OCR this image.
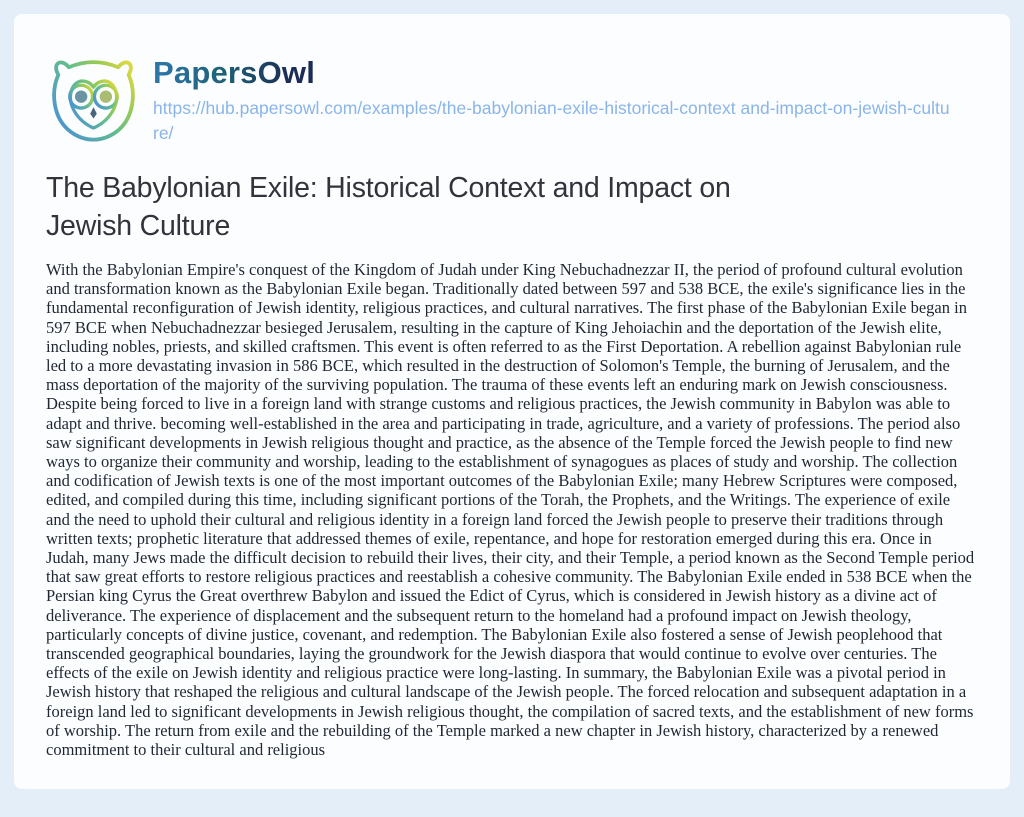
PapersOwl
https://hub.papersowl.com/examples/the-babylonian-exile-historical-context and-impact-on-jewish-culture/
The Babylonian Exile: Historical Context and Impact on Jewish Culture

With the Babylonian Empire's conquest of the Kingdom of Judah under King Nebuchadnezzar II, the period of profound cultural evolution and transformation known as the Babylonian Exile began. Traditionally dated between 597 and 538 BCE, the exile's significance lies in the fundamental reconfiguration of Jewish identity, religious practices, and cultural narratives. The first phase of the Babylonian Exile began in 597 BCE when Nebuchadnezzar besieged Jerusalem, resulting in the capture of King Jehoiachin and the deportation of the Jewish elite, including nobles, priests, and skilled craftsmen. This event is often referred to as the First Deportation. A rebellion against Babylonian rule led to a more devastating invasion in 586 BCE, which resulted in the destruction of Solomon's Temple, the burning of Jerusalem, and the mass deportation of the majority of the surviving population. The trauma of these events left an enduring mark on Jewish consciousness. Despite being forced to live in a foreign land with strange customs and religious practices, the Jewish community in Babylon was able to adapt and thrive. becoming well-established in the area and participating in trade, agriculture, and a variety of professions. The period also saw significant developments in Jewish religious thought and practice, as the absence of the Temple forced the Jewish people to find new ways to organize their community and worship, leading to the establishment of synagogues as places of study and worship. The collection and codification of Jewish texts is one of the most important outcomes of the Babylonian Exile; many Hebrew Scriptures were composed, edited, and compiled during this time, including significant portions of the Torah, the Prophets, and the Writings. The experience of exile and the need to uphold their cultural and religious identity in a foreign land forced the Jewish people to preserve their traditions through written texts; prophetic literature that addressed themes of exile, repentance, and hope for restoration emerged during this era. Once in Judah, many Jews made the difficult decision to rebuild their lives, their city, and their Temple, a period known as the Second Temple period that saw great efforts to restore religious practices and reestablish a cohesive community. The Babylonian Exile ended in 538 BCE when the Persian king Cyrus the Great overthrew Babylon and issued the Edict of Cyrus, which is considered in Jewish history as a divine act of deliverance. The experience of displacement and the subsequent return to the homeland had a profound impact on Jewish theology, particularly concepts of divine justice, covenant, and redemption. The Babylonian Exile also fostered a sense of Jewish peoplehood that transcended geographical boundaries, laying the groundwork for the Jewish diaspora that would continue to evolve over centuries. The effects of the exile on Jewish identity and religious practice were long-lasting. In summary, the Babylonian Exile was a pivotal period in Jewish history that reshaped the religious and cultural landscape of the Jewish people. The forced relocation and subsequent adaptation in a foreign land led to significant developments in Jewish religious thought, the compilation of sacred texts, and the establishment of new forms of worship. The return from exile and the rebuilding of the Temple marked a new chapter in Jewish history, characterized by a renewed commitment to their cultural and religious
